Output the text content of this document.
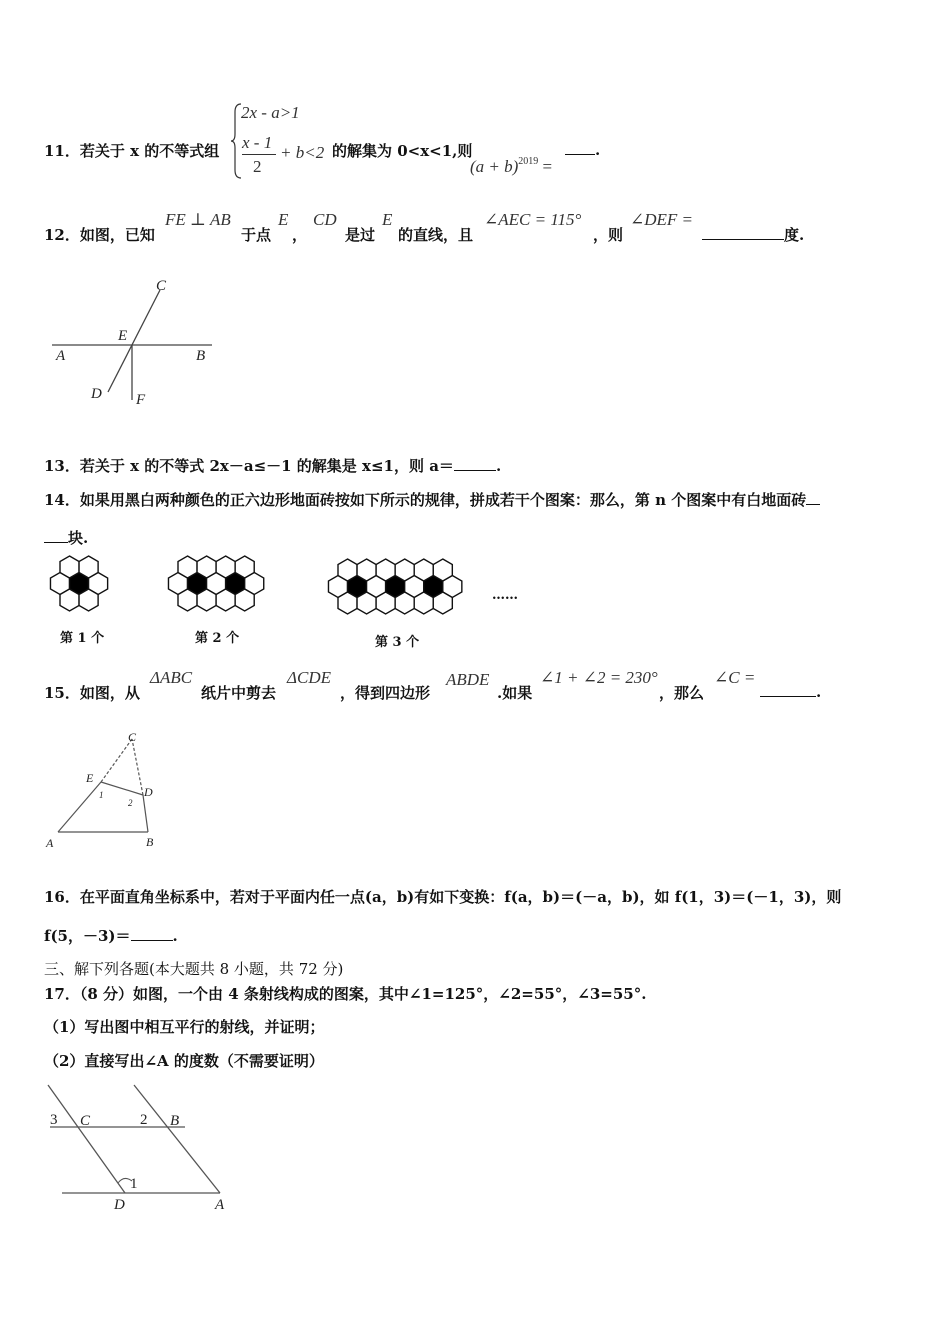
11．若关于 x 的不等式组
2x - a>1
x - 1
2
+ b<2 的解集为 0<x<1,则
$(a + b)^{2019}$ =
.
12．如图，已知
FE ⊥ AB
于点
E
，
CD
是过
E
的直线，且
∠AEC = 115°
，则
∠DEF =
度.
C
E
A	B
D F
13．若关于 x 的不等式 2x－a≤－1 的解集是 x≤1，则 a＝	.
14．如果用黑白两种颜色的正六边形地面砖按如下所示的规律，拼成若干个图案：那么，第 n 个图案中有白地面砖
块.
第 1 个	第 2 个	第 3 个
……
15．如图，从
ΔABC
纸片中剪去
ΔCDE
，得到四边形
ABDE
.如果
∠1 + ∠2 = 230°
，那么
∠C =
.
C
E
D
A	B
1
2
16．在平面直角坐标系中，若对于平面内任一点(a，b)有如下变换：f(a，b)＝(－a，b)，如 f(1，3)＝(－1，3)，则
f(5，－3)＝	.
三、解下列各题(本大题共 8 小题，共 72 分)
17．（8 分）如图，一个由 4 条射线构成的图案，其中∠1=125°，∠2=55°，∠3=55°.
（1）写出图中相互平行的射线，并证明；
（2）直接写出∠A 的度数（不需要证明）
3 C	2 B
1
D	A
